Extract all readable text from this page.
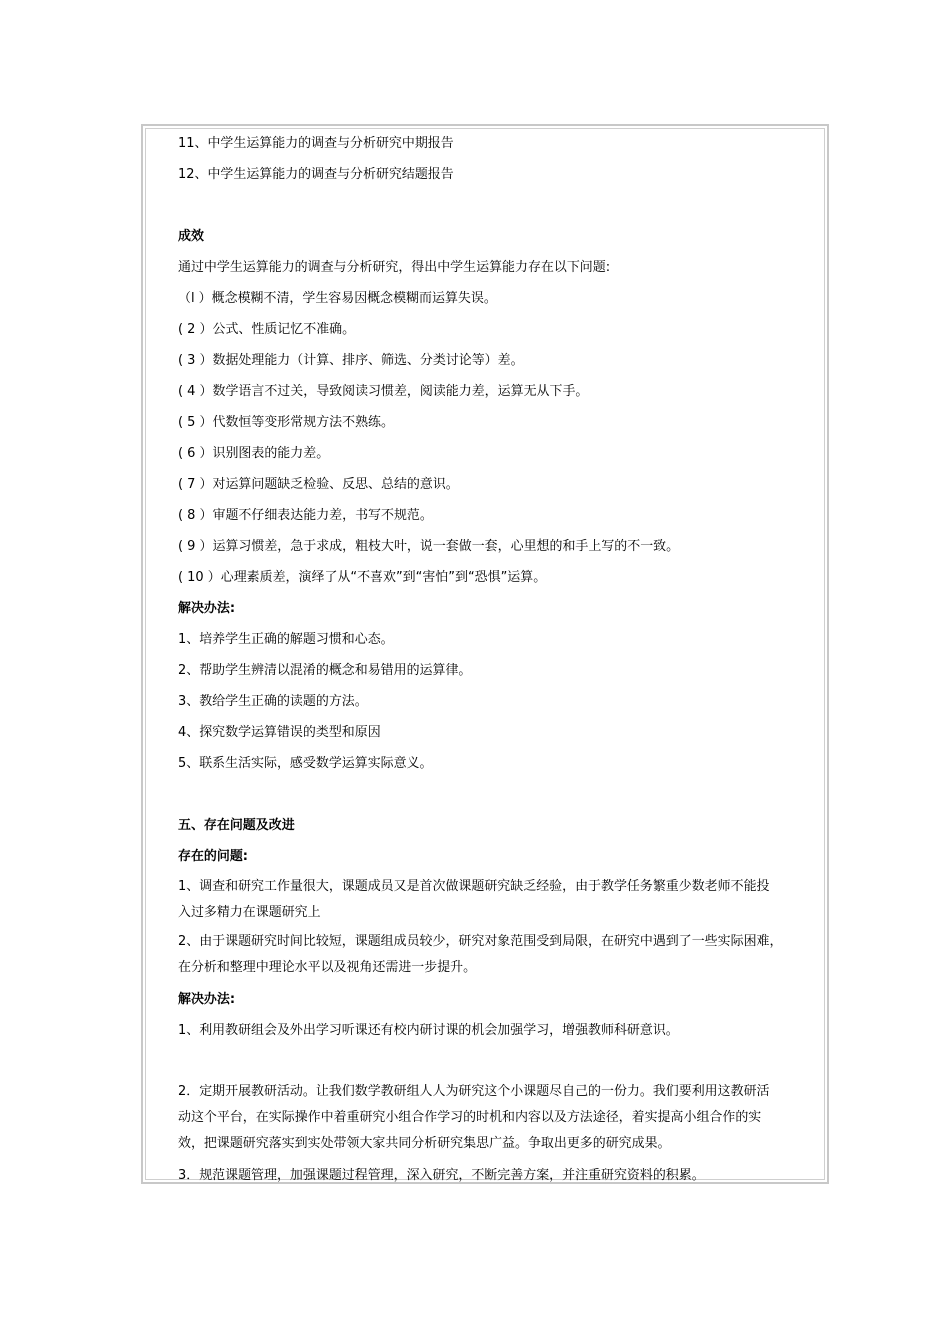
11、中学生运算能力的调查与分析研究中期报告
12、中学生运算能力的调查与分析研究结题报告
成效
通过中学生运算能力的调查与分析研究，得出中学生运算能力存在以下问题:
（l ）概念模糊不清，学生容易因概念模糊而运算失误。
( 2 ）公式、性质记忆不准确。
( 3 ）数据处理能力（计算、排序、筛选、分类讨论等）差。
( 4 ）数学语言不过关，导致阅读习惯差，阅读能力差，运算无从下手。
( 5 ）代数恒等变形常规方法不熟练。
( 6 ）识别图表的能力差。
( 7 ）对运算问题缺乏检验、反思、总结的意识。
( 8 ）审题不仔细表达能力差，书写不规范。
( 9 ）运算习惯差，急于求成，粗枝大叶，说一套做一套，心里想的和手上写的不一致。
( 10 ）心理素质差，演绎了从“不喜欢”到“害怕”到“恐惧”运算。
解决办法:
1、培养学生正确的解题习惯和心态。
2、帮助学生辨清以混淆的概念和易错用的运算律。
3、教给学生正确的读题的方法。
4、探究数学运算错误的类型和原因
5、联系生活实际，感受数学运算实际意义。
五、存在问题及改进
存在的问题:
1、调查和研究工作量很大，课题成员又是首次做课题研究缺乏经验，由于教学任务繁重少数老师不能投
入过多精力在课题研究上
2、由于课题研究时间比较短，课题组成员较少，研究对象范围受到局限，在研究中遇到了一些实际困难，
在分析和整理中理论水平以及视角还需进一步提升。
解决办法:
1、利用教研组会及外出学习听课还有校内研讨课的机会加强学习，增强教师科研意识。
2．定期开展教研活动。让我们数学教研组人人为研究这个小课题尽自己的一份力。我们要利用这教研活
动这个平台，在实际操作中着重研究小组合作学习的时机和内容以及方法途径，着实提高小组合作的实
效，把课题研究落实到实处带领大家共同分析研究集思广益。争取出更多的研究成果。
3．规范课题管理，加强课题过程管理，深入研究，不断完善方案，并注重研究资料的积累。
